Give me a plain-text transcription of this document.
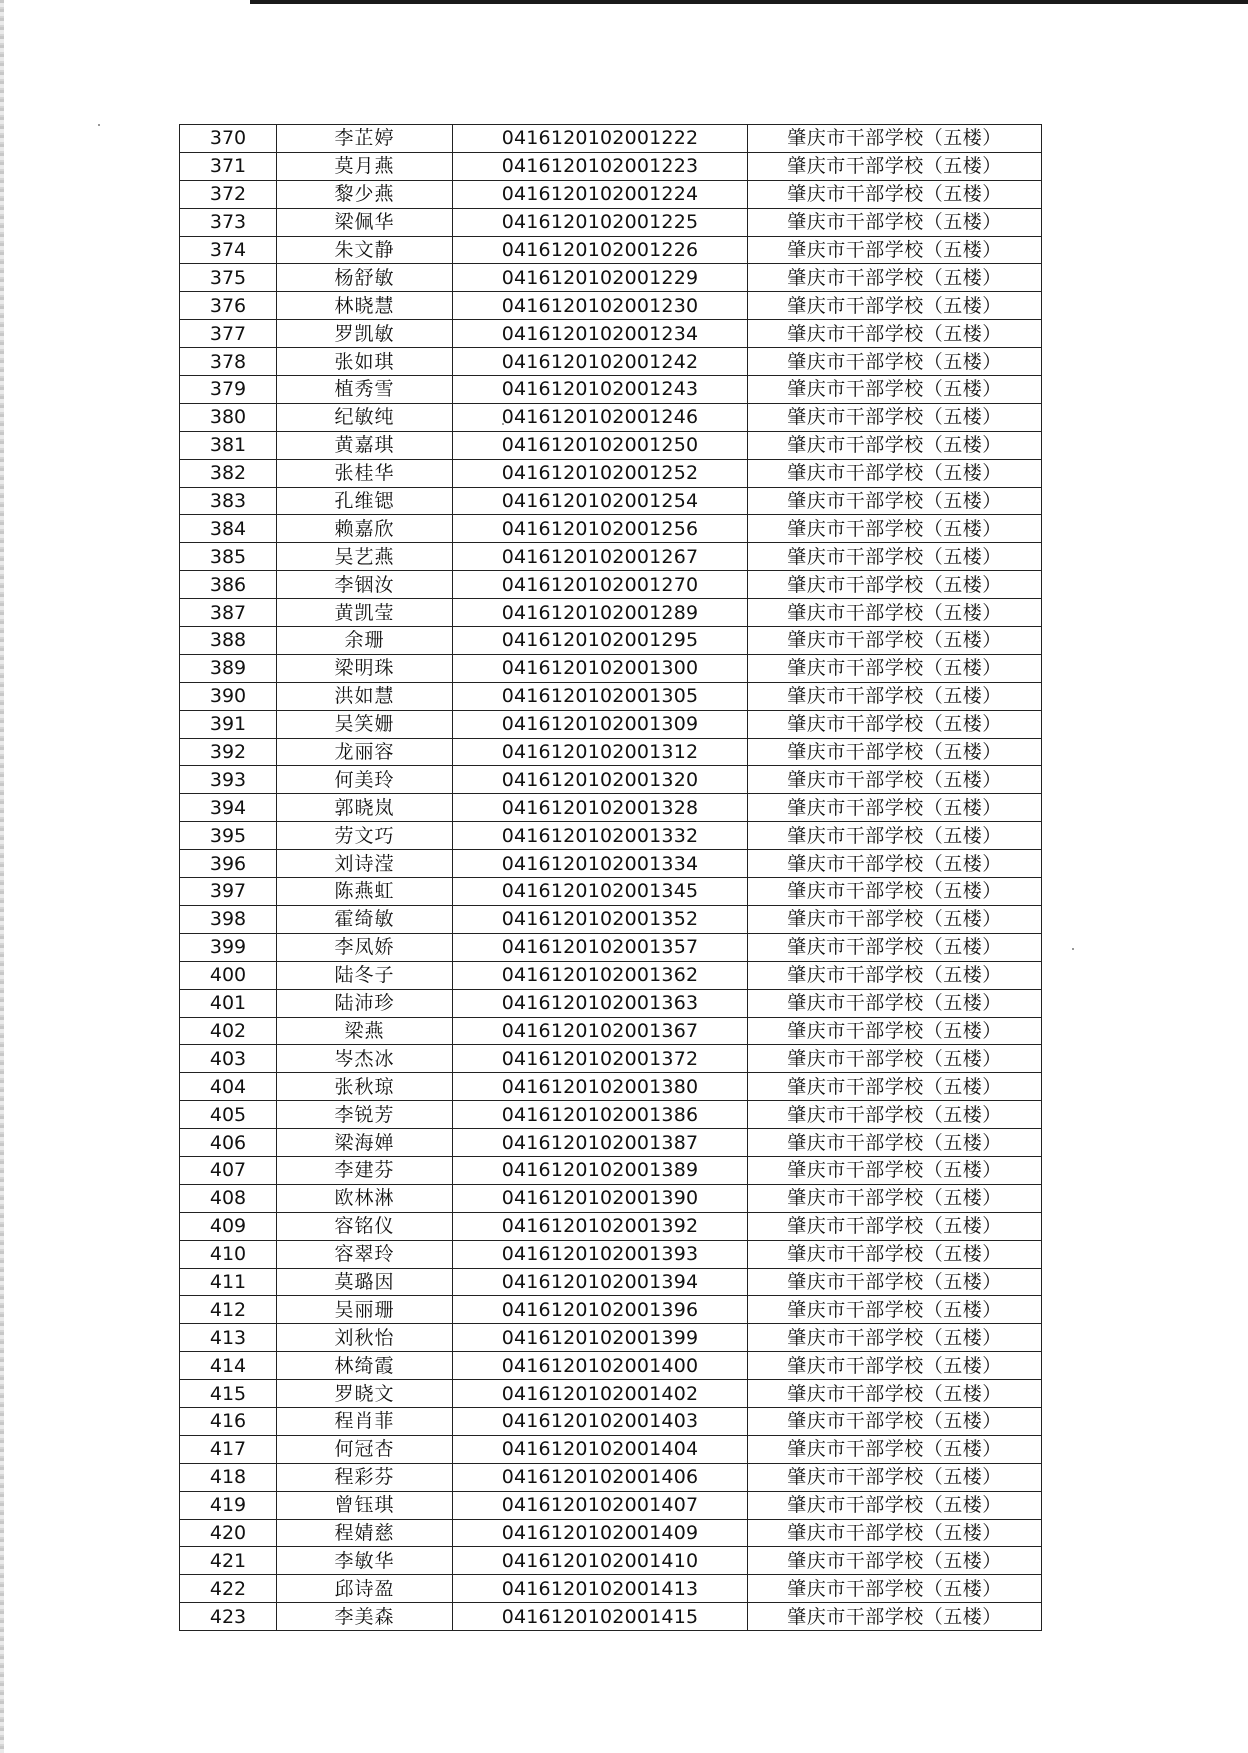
370	李芷婷	0416120102001222	肇庆市干部学校（五楼）
371	莫月燕	0416120102001223	肇庆市干部学校（五楼）
372	黎少燕	0416120102001224	肇庆市干部学校（五楼）
373	梁佩华	0416120102001225	肇庆市干部学校（五楼）
374	朱文静	0416120102001226	肇庆市干部学校（五楼）
375	杨舒敏	0416120102001229	肇庆市干部学校（五楼）
376	林晓慧	0416120102001230	肇庆市干部学校（五楼）
377	罗凯敏	0416120102001234	肇庆市干部学校（五楼）
378	张如琪	0416120102001242	肇庆市干部学校（五楼）
379	植秀雪	0416120102001243	肇庆市干部学校（五楼）
380	纪敏纯	0416120102001246	肇庆市干部学校（五楼）
381	黄嘉琪	0416120102001250	肇庆市干部学校（五楼）
382	张桂华	0416120102001252	肇庆市干部学校（五楼）
383	孔维锶	0416120102001254	肇庆市干部学校（五楼）
384	赖嘉欣	0416120102001256	肇庆市干部学校（五楼）
385	吴艺燕	0416120102001267	肇庆市干部学校（五楼）
386	李铟汝	0416120102001270	肇庆市干部学校（五楼）
387	黄凯莹	0416120102001289	肇庆市干部学校（五楼）
388	余珊	0416120102001295	肇庆市干部学校（五楼）
389	梁明珠	0416120102001300	肇庆市干部学校（五楼）
390	洪如慧	0416120102001305	肇庆市干部学校（五楼）
391	吴笑姗	0416120102001309	肇庆市干部学校（五楼）
392	龙丽容	0416120102001312	肇庆市干部学校（五楼）
393	何美玲	0416120102001320	肇庆市干部学校（五楼）
394	郭晓岚	0416120102001328	肇庆市干部学校（五楼）
395	劳文巧	0416120102001332	肇庆市干部学校（五楼）
396	刘诗滢	0416120102001334	肇庆市干部学校（五楼）
397	陈燕虹	0416120102001345	肇庆市干部学校（五楼）
398	霍绮敏	0416120102001352	肇庆市干部学校（五楼）
399	李凤娇	0416120102001357	肇庆市干部学校（五楼）
400	陆冬子	0416120102001362	肇庆市干部学校（五楼）
401	陆沛珍	0416120102001363	肇庆市干部学校（五楼）
402	梁燕	0416120102001367	肇庆市干部学校（五楼）
403	岑杰冰	0416120102001372	肇庆市干部学校（五楼）
404	张秋琼	0416120102001380	肇庆市干部学校（五楼）
405	李锐芳	0416120102001386	肇庆市干部学校（五楼）
406	梁海婵	0416120102001387	肇庆市干部学校（五楼）
407	李建芬	0416120102001389	肇庆市干部学校（五楼）
408	欧林淋	0416120102001390	肇庆市干部学校（五楼）
409	容铭仪	0416120102001392	肇庆市干部学校（五楼）
410	容翠玲	0416120102001393	肇庆市干部学校（五楼）
411	莫璐因	0416120102001394	肇庆市干部学校（五楼）
412	吴丽珊	0416120102001396	肇庆市干部学校（五楼）
413	刘秋怡	0416120102001399	肇庆市干部学校（五楼）
414	林绮霞	0416120102001400	肇庆市干部学校（五楼）
415	罗晓文	0416120102001402	肇庆市干部学校（五楼）
416	程肖菲	0416120102001403	肇庆市干部学校（五楼）
417	何冠杏	0416120102001404	肇庆市干部学校（五楼）
418	程彩芬	0416120102001406	肇庆市干部学校（五楼）
419	曾钰琪	0416120102001407	肇庆市干部学校（五楼）
420	程婧慈	0416120102001409	肇庆市干部学校（五楼）
421	李敏华	0416120102001410	肇庆市干部学校（五楼）
422	邱诗盈	0416120102001413	肇庆市干部学校（五楼）
423	李美森	0416120102001415	肇庆市干部学校（五楼）
